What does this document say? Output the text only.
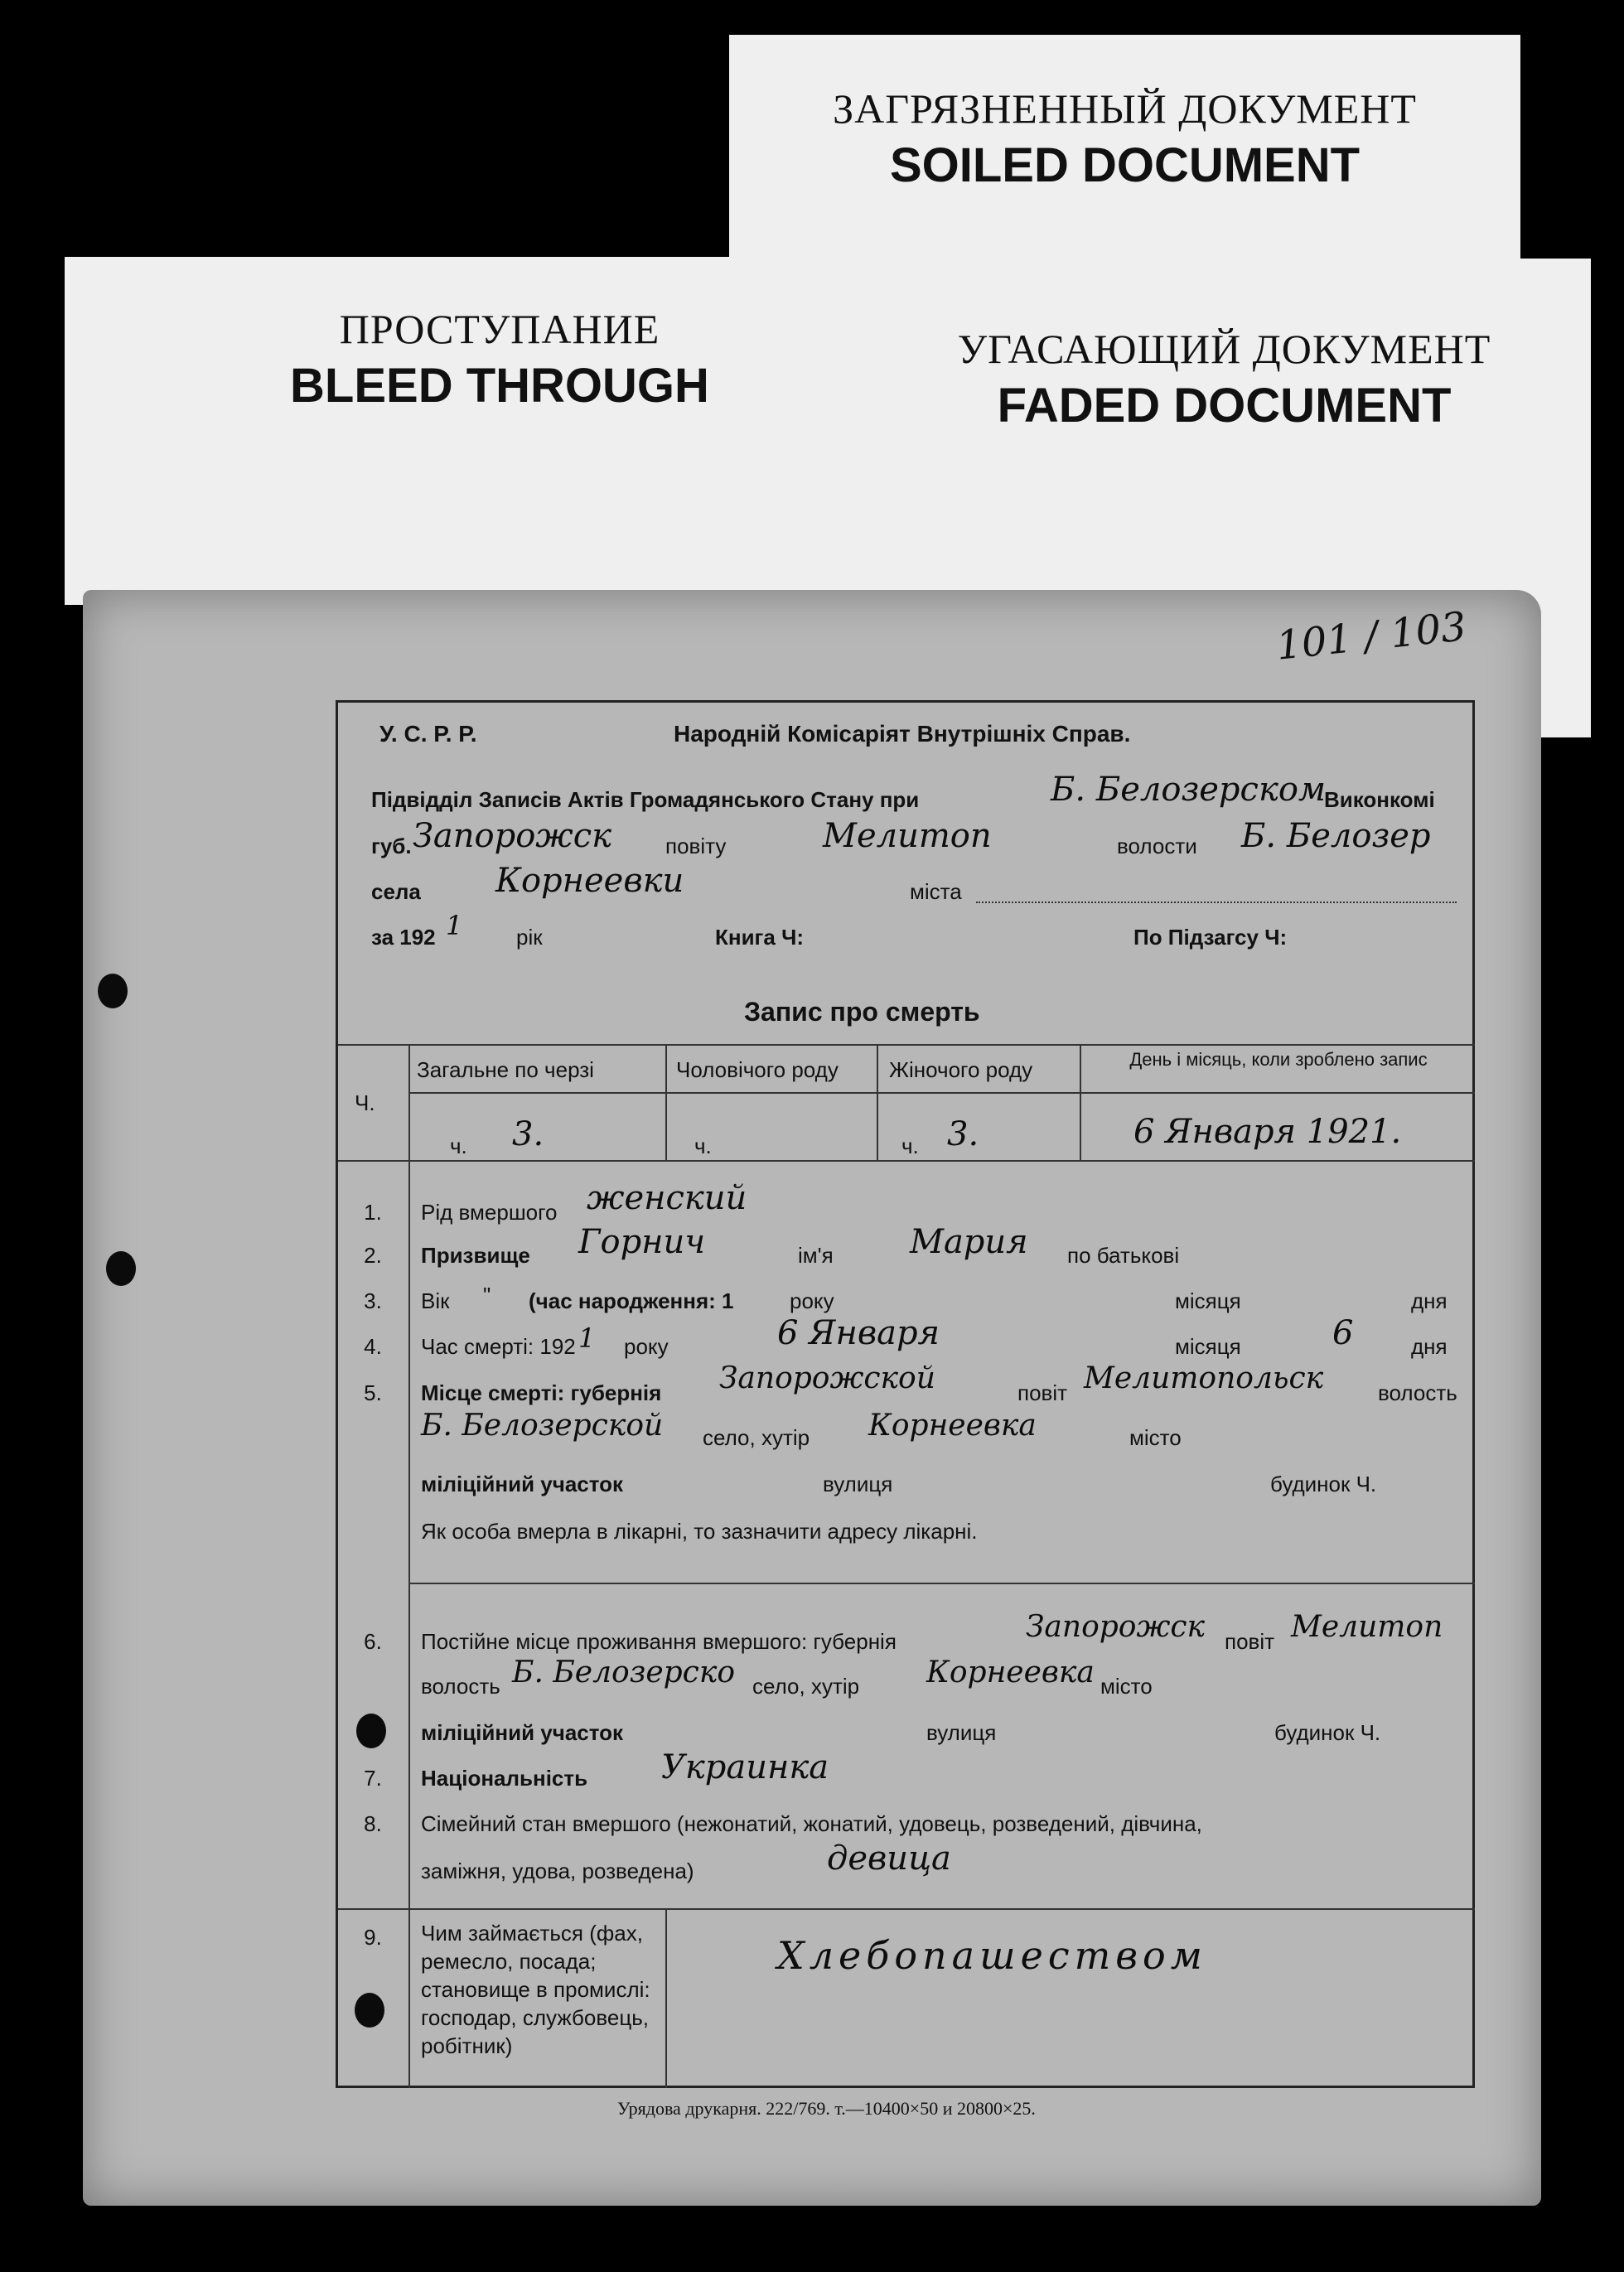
ЗАГРЯЗНЕННЫЙ ДОКУМЕНТ
SOILED DOCUMENT
ПРОСТУПАНИЕ
BLEED THROUGH
УГАСАЮЩИЙ ДОКУМЕНТ
FADED DOCUMENT
101 / 103
У. С. Р. Р.	Народній Комісаріят Внутрішніх Справ.
Підвідділ Записів Актів Громадянського Стану при	Б. Белозерском
Виконкомі
губ. Запорожск повіту	Мелитоп	волости Б. Белозер
села Корнеевки	міста
за 192 1 рік	Книга Ч:	По Підзагсу Ч:
Запис про смерть
Ч.
Загальне по черзі	Чоловічого роду Жіночого роду	День і місяць, коли зроблено запис
ч. 3.	ч.	ч. 3.	6 Января 1921.
1.	Рід вмершого женский
2.	Призвище Горнич	ім'я Мария по батькові
3.	Вік " (час народження: 1	року	місяця	дня
4.	Час смерті: 192 1 року	6 Января	місяця	6	дня
5.	Місце смерті: губернія Запорожской	повіт Мелитопольск	волость
Б. Белозерской село, хутір Корнеевка	місто
міліційний участок	вулиця	будинок Ч.
Як особа вмерла в лікарні, то зазначити адресу лікарні.
6.	Постійне місце проживання вмершого: губернія	Запорожск повіт Мелитоп
волость Б. Белозерско село, хутір Корнеевка місто
міліційний участок	вулиця	будинок Ч.
7.	Національність Украинка
8.	Сімейний стан вмершого (нежонатий, жонатий, удовець, розведений, дівчина,
заміжня, удова, розведена)	девица
9.	Чим займається (фах, ремесло, посада; становище в промислі: господар, службовець, робітник)
Хлебопашеством
Урядова друкарня. 222/769. т.—10400×50 и 20800×25.
